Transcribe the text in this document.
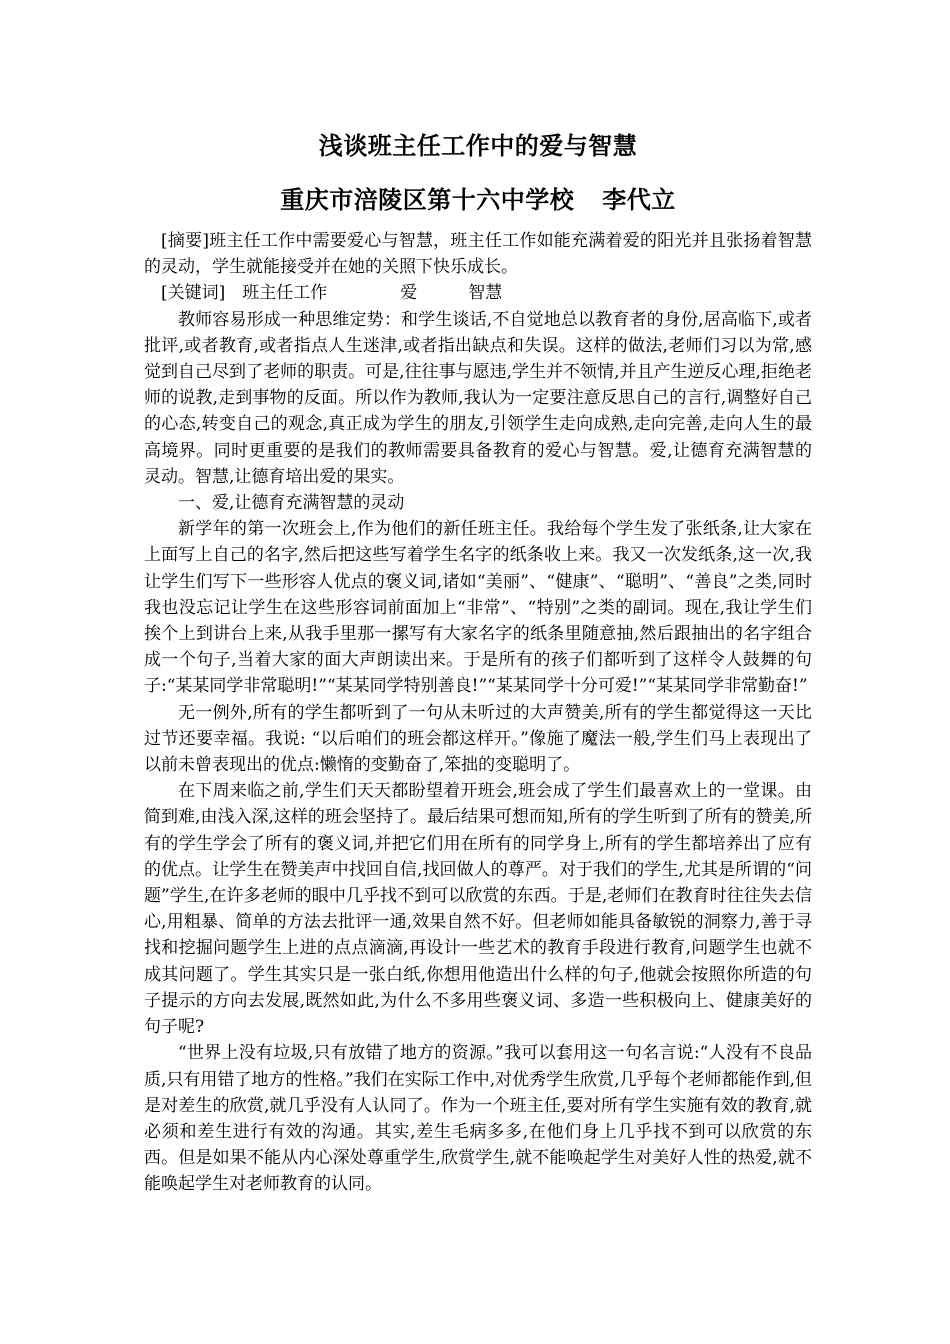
浅谈班主任工作中的爱与智慧
重庆市涪陵区第十六中学校 李代立

[摘要]班主任工作中需要爱心与智慧，班主任工作如能充满着爱的阳光并且张扬着智慧的灵动，学生就能接受并在她的关照下快乐成长。

[关键词] 班主任工作	爱	智慧

教师容易形成一种思维定势：和学生谈话,不自觉地总以教育者的身份,居高临下,或者批评,或者教育,或者指点人生迷津,或者指出缺点和失误。这样的做法,老师们习以为常,感觉到自己尽到了老师的职责。可是,往往事与愿违,学生并不领情,并且产生逆反心理,拒绝老师的说教,走到事物的反面。所以作为教师,我认为一定要注意反思自己的言行,调整好自己的心态,转变自己的观念,真正成为学生的朋友,引领学生走向成熟,走向完善,走向人生的最高境界。同时更重要的是我们的教师需要具备教育的爱心与智慧。爱,让德育充满智慧的灵动。智慧,让德育培出爱的果实。

一、爱,让德育充满智慧的灵动

新学年的第一次班会上,作为他们的新任班主任。我给每个学生发了张纸条,让大家在上面写上自己的名字,然后把这些写着学生名字的纸条收上来。我又一次发纸条,这一次,我让学生们写下一些形容人优点的褒义词,诸如“美丽”、“健康”、“聪明”、“善良”之类,同时我也没忘记让学生在这些形容词前面加上“非常”、“特别”之类的副词。现在,我让学生们挨个上到讲台上来,从我手里那一摞写有大家名字的纸条里随意抽,然后跟抽出的名字组合成一个句子,当着大家的面大声朗读出来。于是所有的孩子们都听到了这样令人鼓舞的句子:“某某同学非常聪明!”“某某同学特别善良!”“某某同学十分可爱!”“某某同学非常勤奋!”

无一例外,所有的学生都听到了一句从未听过的大声赞美,所有的学生都觉得这一天比过节还要幸福。我说: “以后咱们的班会都这样开。”像施了魔法一般,学生们马上表现出了以前未曾表现出的优点:懒惰的变勤奋了,笨拙的变聪明了。

在下周来临之前,学生们天天都盼望着开班会,班会成了学生们最喜欢上的一堂课。由简到难,由浅入深,这样的班会坚持了。最后结果可想而知,所有的学生听到了所有的赞美,所有的学生学会了所有的褒义词,并把它们用在所有的同学身上,所有的学生都培养出了应有的优点。让学生在赞美声中找回自信,找回做人的尊严。对于我们的学生,尤其是所谓的“问题”学生,在许多老师的眼中几乎找不到可以欣赏的东西。于是,老师们在教育时往往失去信心,用粗暴、简单的方法去批评一通,效果自然不好。但老师如能具备敏锐的洞察力,善于寻找和挖掘问题学生上进的点点滴滴,再设计一些艺术的教育手段进行教育,问题学生也就不成其问题了。学生其实只是一张白纸,你想用他造出什么样的句子,他就会按照你所造的句子提示的方向去发展,既然如此,为什么不多用些褒义词、多造一些积极向上、健康美好的句子呢?

“世界上没有垃圾,只有放错了地方的资源。”我可以套用这一句名言说:“人没有不良品质,只有用错了地方的性格。”我们在实际工作中,对优秀学生欣赏,几乎每个老师都能作到,但是对差生的欣赏,就几乎没有人认同了。作为一个班主任,要对所有学生实施有效的教育,就必须和差生进行有效的沟通。其实,差生毛病多多,在他们身上几乎找不到可以欣赏的东西。但是如果不能从内心深处尊重学生,欣赏学生,就不能唤起学生对美好人性的热爱,就不能唤起学生对老师教育的认同。
